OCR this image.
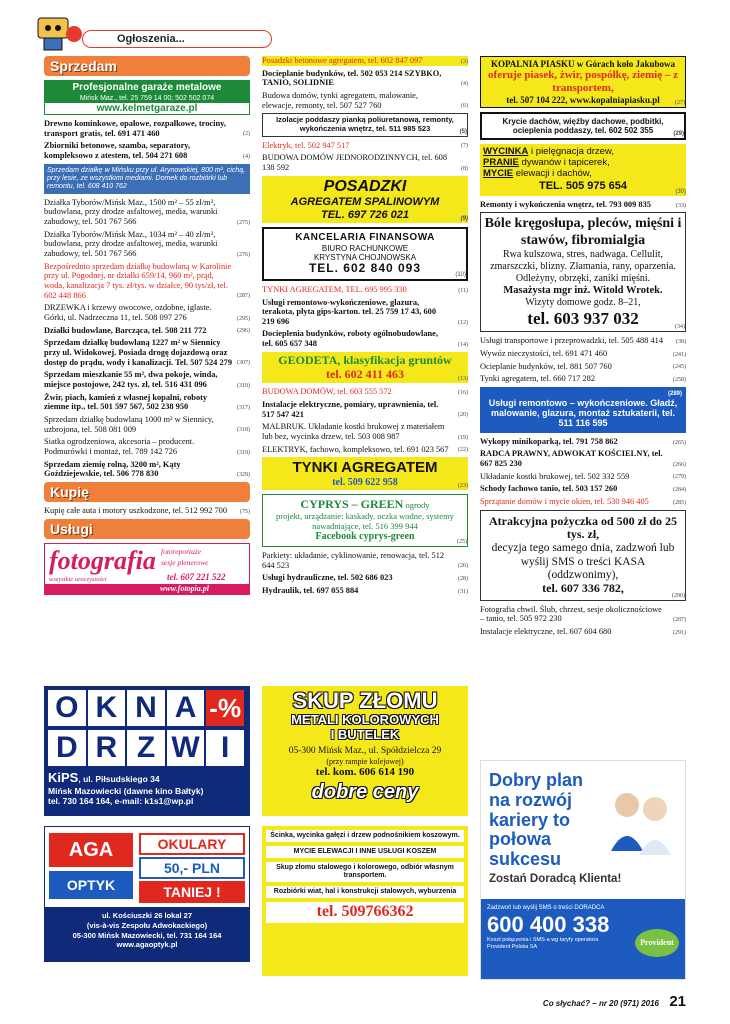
Ogłoszenia...
Sprzedam
Profesjonalne garaże metalowe
Mińsk Maz., tel. 25 759 14 00; 502 502 074
www.kelmetgaraze.pl
Drewno kominkowe, opałowe, rozpałkowe, trociny, transport gratis, tel. 691 471 460	(2)
Zbiorniki betonowe, szamba, separatory, kompleksowo z atestem, tel. 504 271 608	(4)
Sprzedam działkę w Mińsku przy ul. Arynowskiej, 800 m², cichą, przy lesie, ze wszystkimi mediami. Domek do rozbiórki lub remontu, tel. 608 410 762
Działka Tyborów/Mińsk Maz., 1500 m² – 55 zł/m², budowlana, przy drodze asfaltowej, media, warunki zabudowy, tel. 501 767 566	(275)
Działka Tyborów/Mińsk Maz., 1034 m² – 40 zł/m², budowlana, przy drodze asfaltowej, media, warunki zabudowy, tel. 501 767 566	(276)
Bezpośrednio sprzedam działkę budowlaną w Karolinie przy ul. Pogodnej, nr działki 659/14, 960 m², prąd, woda, kanalizacja 7 tys. zł/tys. w działce, 90 tys/zł, tel. 602 448 866	(287)
DRZEWKA i krzewy owocowe, ozdobne, iglaste. Górki, ul. Nadrzeczna 11, tel. 508 097 276	(295)
Działki budowlane, Barcząca, tel. 508 211 772	(296)
Sprzedam działkę budowlaną 1227 m² w Siennicy przy ul. Widokowej. Posiada drogę dojazdową oraz dostęp do prądu, wody i kanalizacji. Tel. 507 524 279 (307)
Sprzedam mieszkanie 55 m², dwa pokoje, winda, miejsce postojowe, 242 tys. zł, tel. 516 431 096	(310)
Żwir, piach, kamień z własnej kopalni, roboty ziemne itp., tel. 501 597 567, 502 238 950	(317)
Sprzedam działkę budowlaną 1000 m² w Siennicy, uzbrojona, tel. 508 081 009	(318)
Siatka ogrodzeniowa, akcesoria – producent. Podmurówki i montaż, tel. 789 142 726	(319)
Sprzedam ziemię rolną, 3200 m², Kąty Goździejewskie, tel. 506 778 830	(329)
Kupię
Kupię całe auta i motory uszkodzone, tel. 512 992 700 (75)
Usługi
fotografia
wszystkie uroczystości
fotoreportaże
sesje plenerowe
tel. 607 221 522
www.fotopia.pl
O K N A -%
D R Z W I
KiPS, ul. Piłsudskiego 34
Mińsk Mazowiecki (dawne kino Bałtyk)
tel. 730 164 164, e-mail: k1s1@wp.pl
AGA
OPTYK
OKULARY
50,- PLN
TANIEJ !
ul. Kościuszki 26 lokal 27
(vis-à-vis Zespołu Adwokackiego)
05-300 Mińsk Mazowiecki, tel. 731 164 164
www.agaoptyk.pl
Posadzki betonowe agregatem, tel. 602 847 097	(3)
Docieplanie budynków, tel. 502 053 214 SZYBKO, TANIO, SOLIDNIE	(4)
Budowa domów, tynki agregatem, malowanie, elewacje, remonty, tel. 507 527 760	(6)
Izolacje poddaszy pianką poliuretanową, remonty, wykończenia wnętrz, tel. 511 985 523	(5)
Elektryk, tel. 502 947 517	(7)
BUDOWA DOMÓW JEDNORODZINNYCH, tel. 608 138 592	(8)
POSADZKI
AGREGATEM SPALINOWYM
TEL. 697 726 021	(9)
KANCELARIA FINANSOWA
BIURO RACHUNKOWE
KRYSTYNA CHOJNOWSKA
TEL. 602 840 093	(10)
TYNKI AGREGATEM, TEL. 695 995 330	(11)
Usługi remontowo-wykończeniowe, glazura, terakota, płyta gips-karton. tel. 25 759 17 43, 600 219 696	(12)
Docieplenia budynków, roboty ogólnobudowlane, tel. 605 657 348	(14)
GEODETA, klasyfikacja gruntów
tel. 602 411 463	(13)
BUDOWA DOMÓW, tel. 603 555 572	(16)
Instalacje elektryczne, pomiary, uprawnienia, tel. 517 547 421	(20)
MALBRUK. Układanie kostki brukowej z materiałem lub bez, wycinka drzew, tel. 503 008 987	(19)
ELEKTRYK, fachowo, kompleksowo, tel. 691 023 567 (22)
TYNKI AGREGATEM
tel. 509 622 958	(23)
CYPRYS – GREEN ogrody
projekt, urządzanie: kaskady, oczka wodne, systemy nawadniające, tel. 516 399 944
Facebook cyprys-green	(25)
Parkiety: układanie, cyklinowanie, renowacja, tel. 512 644 523	(26)
Usługi hydrauliczne, tel. 502 686 023	(28)
Hydraulik, tel. 697 055 884	(31)
SKUP ZŁOMU
METALI KOLOROWYCH
I BUTELEK
05-300 Mińsk Maz., ul. Spółdzielcza 29
(przy rampie kolejowej)
tel. kom. 606 614 190
dobre ceny
Ścinka, wycinka gałęzi i drzew podnośnikiem koszowym.
MYCIE ELEWACJI I INNE USŁUGI KOSZEM
Skup złomu stalowego i kolorowego, odbiór własnym transportem.
Rozbiórki wiat, hal i konstrukcji stalowych, wyburzenia
tel. 509766362
KOPALNIA PIASKU w Górach koło Jakubowa
oferuje piasek, żwir, pospółkę, ziemię – z transportem,
tel. 507 104 222, www.kopalniapiasku.pl	(27)
Krycie dachów, więźby dachowe, podbitki, ocieplenia poddaszy, tel. 602 502 355	(29)
WYCINKA i pielęgnacja drzew,
PRANIE dywanów i tapicerek,
MYCIE elewacji i dachów,
TEL. 505 975 654	(30)
Remonty i wykończenia wnętrz, tel. 793 009 835	(33)
Bóle kręgosłupa, pleców, mięśni i stawów, fibromialgia
Rwa kulszowa, stres, nadwaga. Cellulit, zmarszczki, blizny. Złamania, rany, oparzenia. Odleżyny, obrzęki, zaniki mięśni.
Masażysta mgr inż. Witold Wrotek.
Wizyty domowe godz. 8–21,
tel. 603 937 032	(34)
Usługi transportowe i przeprowadzki, tel. 505 488 414 (38)
Wywóz nieczystości, tel. 691 471 460	(241)
Ocieplanie budynków, tel. 881 507 760	(245)
Tynki agregatem, tel. 660 717 282	(258)
(289)
Usługi remontowo – wykończeniowe. Gładź, malowanie, glazura, montaż sztukaterii, tel. 511 116 595
Wykopy minikoparką, tel. 791 758 862	(265)
RADCA PRAWNY, ADWOKAT KOŚCIELNY, tel. 667 825 230	(266)
Układanie kostki brukowej, tel. 502 332 559	(279)
Schody fachowo tanio, tel. 503 157 260	(284)
Sprzątanie domów i mycie okien, tel. 530 946 405	(285)
Atrakcyjna pożyczka od 500 zł do 25 tys. zł,
decyzja tego samego dnia, zadzwoń lub wyślij SMS o treści KASA (oddzwonimy),
tel. 607 336 782,
(290)
Fotografia chwil. Ślub, chrzest, sesje okolicznościowe – tanio, tel. 505 972 230	(287)
Instalacje elektryczne, tel. 607 604 680	(291)
Dobry plan na rozwój kariery to połowa sukcesu
Zostań Doradcą Klienta!
Zadzwoń lub wyślij SMS o treści DORADCA
600 400 338
Koszt połączenia i SMS-a wg taryfy operatora Provident Polska SA	Provident
Co słychać? – nr 20 (971) 2016 21
